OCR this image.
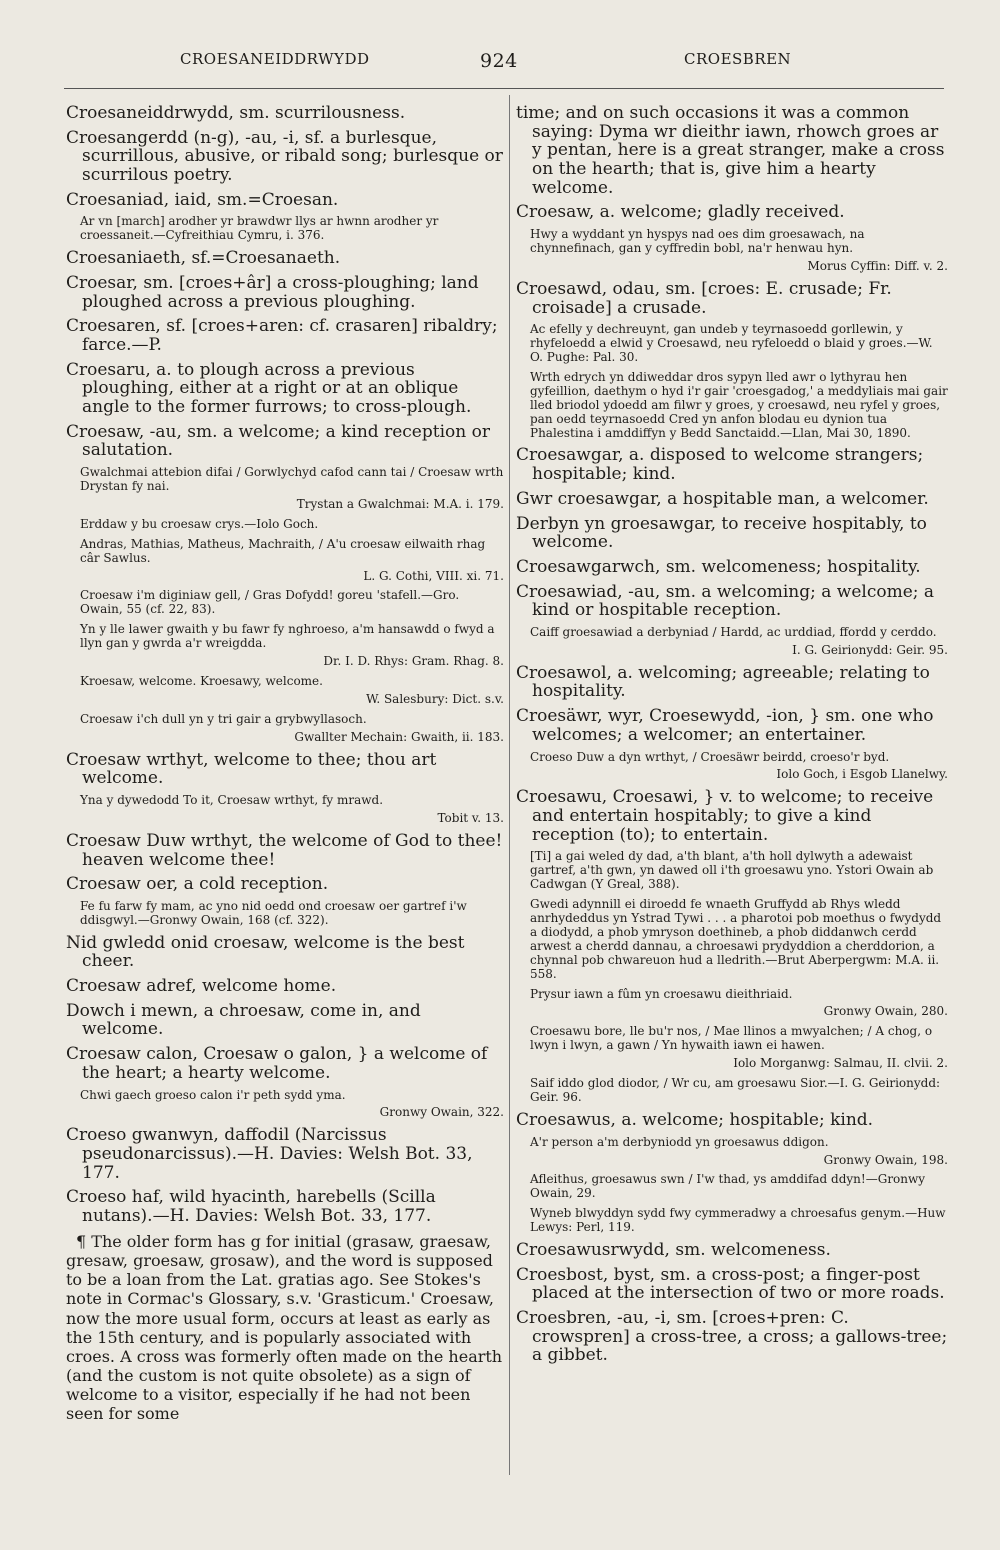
CROESANEIDDRWYDD	924	CROESBREN
Croesaneiddrwydd, sm. scurrilousness.
Croesangerdd (n-g), -au, -i, sf. a burlesque, scurrillous, abusive, or ribald song; burlesque or scurrilous poetry.
Croesaniad, iaid, sm.=Croesan.
Ar vn [march] arodher yr brawdwr llys ar hwnn arodher yr croessaneit.—Cyfreithiau Cymru, i. 376.
Croesaniaeth, sf.=Croesanaeth.
Croesar, sm. [croes+âr] a cross-ploughing; land ploughed across a previous ploughing.
Croesaren, sf. [croes+aren: cf. crasaren] ribaldry; farce.—P.
Croesaru, a. to plough across a previous ploughing, either at a right or at an oblique angle to the former furrows; to cross-plough.
Croesaw, -au, sm. a welcome; a kind reception or salutation.
Gwalchmai attebion difai / Gorwlychyd cafod cann tai / Croesaw wrth Drystan fy nai.
Trystan a Gwalchmai: M.A. i. 179.
Erddaw y bu croesaw crys.—Iolo Goch.
Andras, Mathias, Matheus, Machraith, / A'u croesaw eilwaith rhag câr Sawlus.
L. G. Cothi, VIII. xi. 71.
Croesaw i'm diginiaw gell, / Gras Dofydd! goreu 'stafell.—Gro. Owain, 55 (cf. 22, 83).
Yn y lle lawer gwaith y bu fawr fy nghroeso, a'm hansawdd o fwyd a llyn gan y gwrda a'r wreigdda.
Dr. I. D. Rhys: Gram. Rhag. 8.
Kroesaw, welcome. Kroesawy, welcome.
W. Salesbury: Dict. s.v.
Croesaw i'ch dull yn y tri gair a grybwyllasoch.
Gwallter Mechain: Gwaith, ii. 183.
Croesaw wrthyt, welcome to thee; thou art welcome.
Yna y dywedodd To it, Croesaw wrthyt, fy mrawd.
Tobit v. 13.
Croesaw Duw wrthyt, the welcome of God to thee! heaven welcome thee!
Croesaw oer, a cold reception.
Fe fu farw fy mam, ac yno nid oedd ond croesaw oer gartref i'w ddisgwyl.—Gronwy Owain, 168 (cf. 322).
Nid gwledd onid croesaw, welcome is the best cheer.
Croesaw adref, welcome home.
Dowch i mewn, a chroesaw, come in, and welcome.
Croesaw calon, Croesaw o galon, } a welcome of the heart; a hearty welcome.
Chwi gaech groeso calon i'r peth sydd yma.
Gronwy Owain, 322.
Croeso gwanwyn, daffodil (Narcissus pseudonarcissus).—H. Davies: Welsh Bot. 33, 177.
Croeso haf, wild hyacinth, harebells (Scilla nutans).—H. Davies: Welsh Bot. 33, 177.
¶ The older form has g for initial (grasaw, graesaw, gresaw, groesaw, grosaw), and the word is supposed to be a loan from the Lat. gratias ago. See Stokes's note in Cormac's Glossary, s.v. 'Grasticum.' Croesaw, now the more usual form, occurs at least as early as the 15th century, and is popularly associated with croes. A cross was formerly often made on the hearth (and the custom is not quite obsolete) as a sign of welcome to a visitor, especially if he had not been seen for some
time; and on such occasions it was a common saying: Dyma wr dieithr iawn, rhowch groes ar y pentan, here is a great stranger, make a cross on the hearth; that is, give him a hearty welcome.
Croesaw, a. welcome; gladly received.
Hwy a wyddant yn hyspys nad oes dim groesawach, na chynnefinach, gan y cyffredin bobl, na'r henwau hyn.
Morus Cyffin: Diff. v. 2.
Croesawd, odau, sm. [croes: E. crusade; Fr. croisade] a crusade.
Ac efelly y dechreuynt, gan undeb y teyrnasoedd gorllewin, y rhyfeloedd a elwid y Croesawd, neu ryfeloedd o blaid y groes.—W. O. Pughe: Pal. 30.
Wrth edrych yn ddiweddar dros sypyn lled awr o lythyrau hen gyfeillion, daethym o hyd i'r gair 'croesgadog,' a meddyliais mai gair lled briodol ydoedd am filwr y groes, y croesawd, neu ryfel y groes, pan oedd teyrnasoedd Cred yn anfon blodau eu dynion tua Phalestina i amddiffyn y Bedd Sanctaidd.—Llan, Mai 30, 1890.
Croesawgar, a. disposed to welcome strangers; hospitable; kind.
Gwr croesawgar, a hospitable man, a welcomer.
Derbyn yn groesawgar, to receive hospitably, to welcome.
Croesawgarwch, sm. welcomeness; hospitality.
Croesawiad, -au, sm. a welcoming; a welcome; a kind or hospitable reception.
Caiff groesawiad a derbyniad / Hardd, ac urddiad, ffordd y cerddo.
I. G. Geirionydd: Geir. 95.
Croesawol, a. welcoming; agreeable; relating to hospitality.
Croesäwr, wyr, Croesewydd, -ion, } sm. one who welcomes; a welcomer; an entertainer.
Croeso Duw a dyn wrthyt, / Croesäwr beirdd, croeso'r byd.
Iolo Goch, i Esgob Llanelwy.
Croesawu, Croesawi, } v. to welcome; to receive and entertain hospitably; to give a kind reception (to); to entertain.
[Ti] a gai weled dy dad, a'th blant, a'th holl dylwyth a adewaist gartref, a'th gwn, yn dawed oll i'th groesawu yno. Ystori Owain ab Cadwgan (Y Greal, 388).
Gwedi adynnill ei diroedd fe wnaeth Gruffydd ab Rhys wledd anrhydeddus yn Ystrad Tywi . . . a pharotoi pob moethus o fwydydd a diodydd, a phob ymryson doethineb, a phob diddanwch cerdd arwest a cherdd dannau, a chroesawi prydyddion a cherddorion, a chynnal pob chwareuon hud a lledrith.—Brut Aberpergwm: M.A. ii. 558.
Prysur iawn a fûm yn croesawu dieithriaid.
Gronwy Owain, 280.
Croesawu bore, lle bu'r nos, / Mae llinos a mwyalchen; / A chog, o lwyn i lwyn, a gawn / Yn hywaith iawn ei hawen.
Iolo Morganwg: Salmau, II. clvii. 2.
Saif iddo glod diodor, / Wr cu, am groesawu Sior.—I. G. Geirionydd: Geir. 96.
Croesawus, a. welcome; hospitable; kind.
A'r person a'm derbyniodd yn groesawus ddigon.
Gronwy Owain, 198.
Afleithus, groesawus swn / I'w thad, ys amddifad ddyn!—Gronwy Owain, 29.
Wyneb blwyddyn sydd fwy cymmeradwy a chroesafus genym.—Huw Lewys: Perl, 119.
Croesawusrwydd, sm. welcomeness.
Croesbost, byst, sm. a cross-post; a finger-post placed at the intersection of two or more roads.
Croesbren, -au, -i, sm. [croes+pren: C. crowspren] a cross-tree, a cross; a gallows-tree; a gibbet.
